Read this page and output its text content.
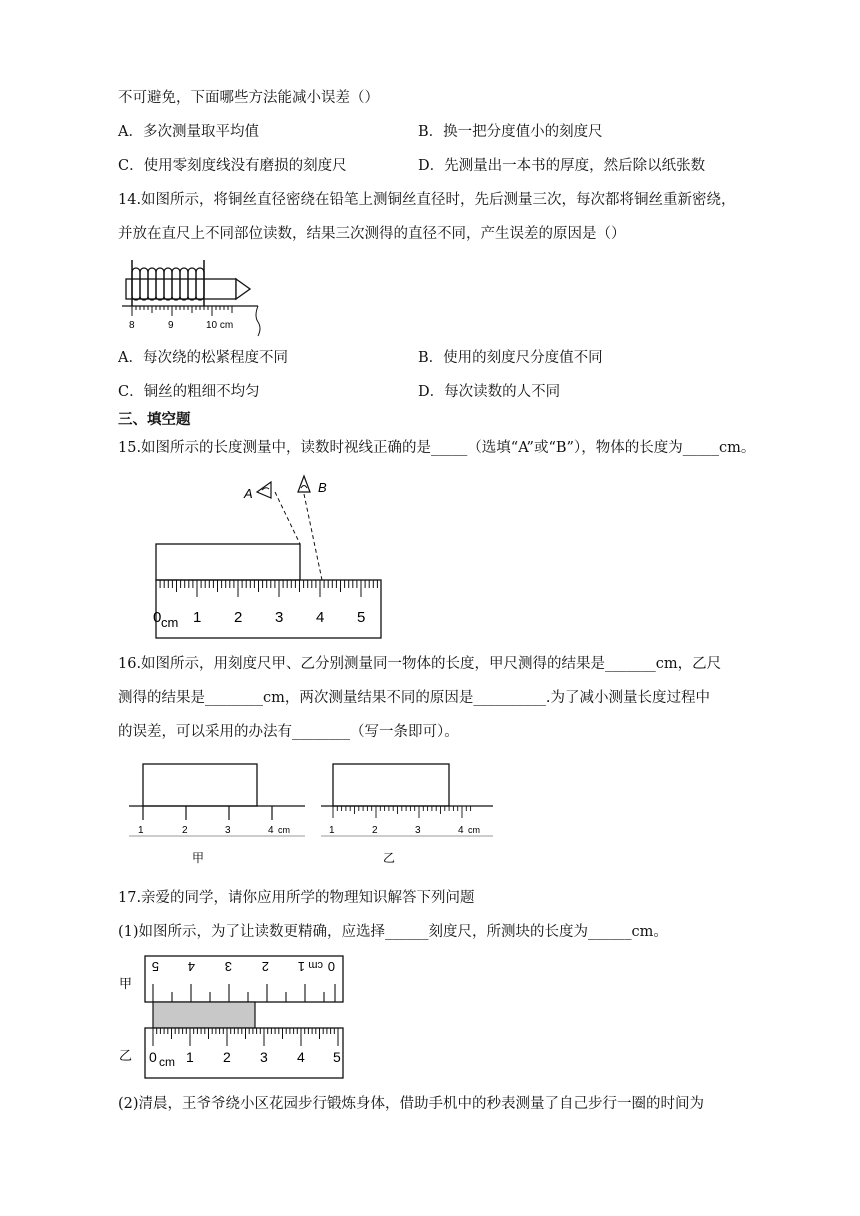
不可避免，下面哪些方法能减小误差（）
A．多次测量取平均值	B．换一把分度值小的刻度尺
C．使用零刻度线没有磨损的刻度尺	D．先测量出一本书的厚度，然后除以纸张数
14.如图所示，将铜丝直径密绕在铅笔上测铜丝直径时，先后测量三次，每次都将铜丝重新密绕，
并放在直尺上不同部位读数，结果三次测得的直径不同，产生误差的原因是（）
8	9	10 cm
A．每次绕的松紧程度不同	B．使用的刻度尺分度值不同
C．铜丝的粗细不均匀	D．每次读数的人不同
三、填空题
15.如图所示的长度测量中，读数时视线正确的是_____（选填“A”或“B”），物体的长度为_____cm。
A	B
0 cm 1 2 3 4 5
16.如图所示，用刻度尺甲、乙分别测量同一物体的长度，甲尺测得的结果是_______cm，乙尺
测得的结果是________cm，两次测量结果不同的原因是__________.为了减小测量长度过程中
的误差，可以采用的办法有________（写一条即可）。
1	2	3	4 cm
甲
1	2	3	4 cm
乙
17.亲爱的同学，请你应用所学的物理知识解答下列问题
(1)如图所示，为了让读数更精确，应选择______刻度尺，所测块的长度为______cm。
甲
乙
5 4 3 2 1 0
cm
0 cm 1 2 3 4 5
(2)清晨，王爷爷绕小区花园步行锻炼身体，借助手机中的秒表测量了自己步行一圈的时间为
